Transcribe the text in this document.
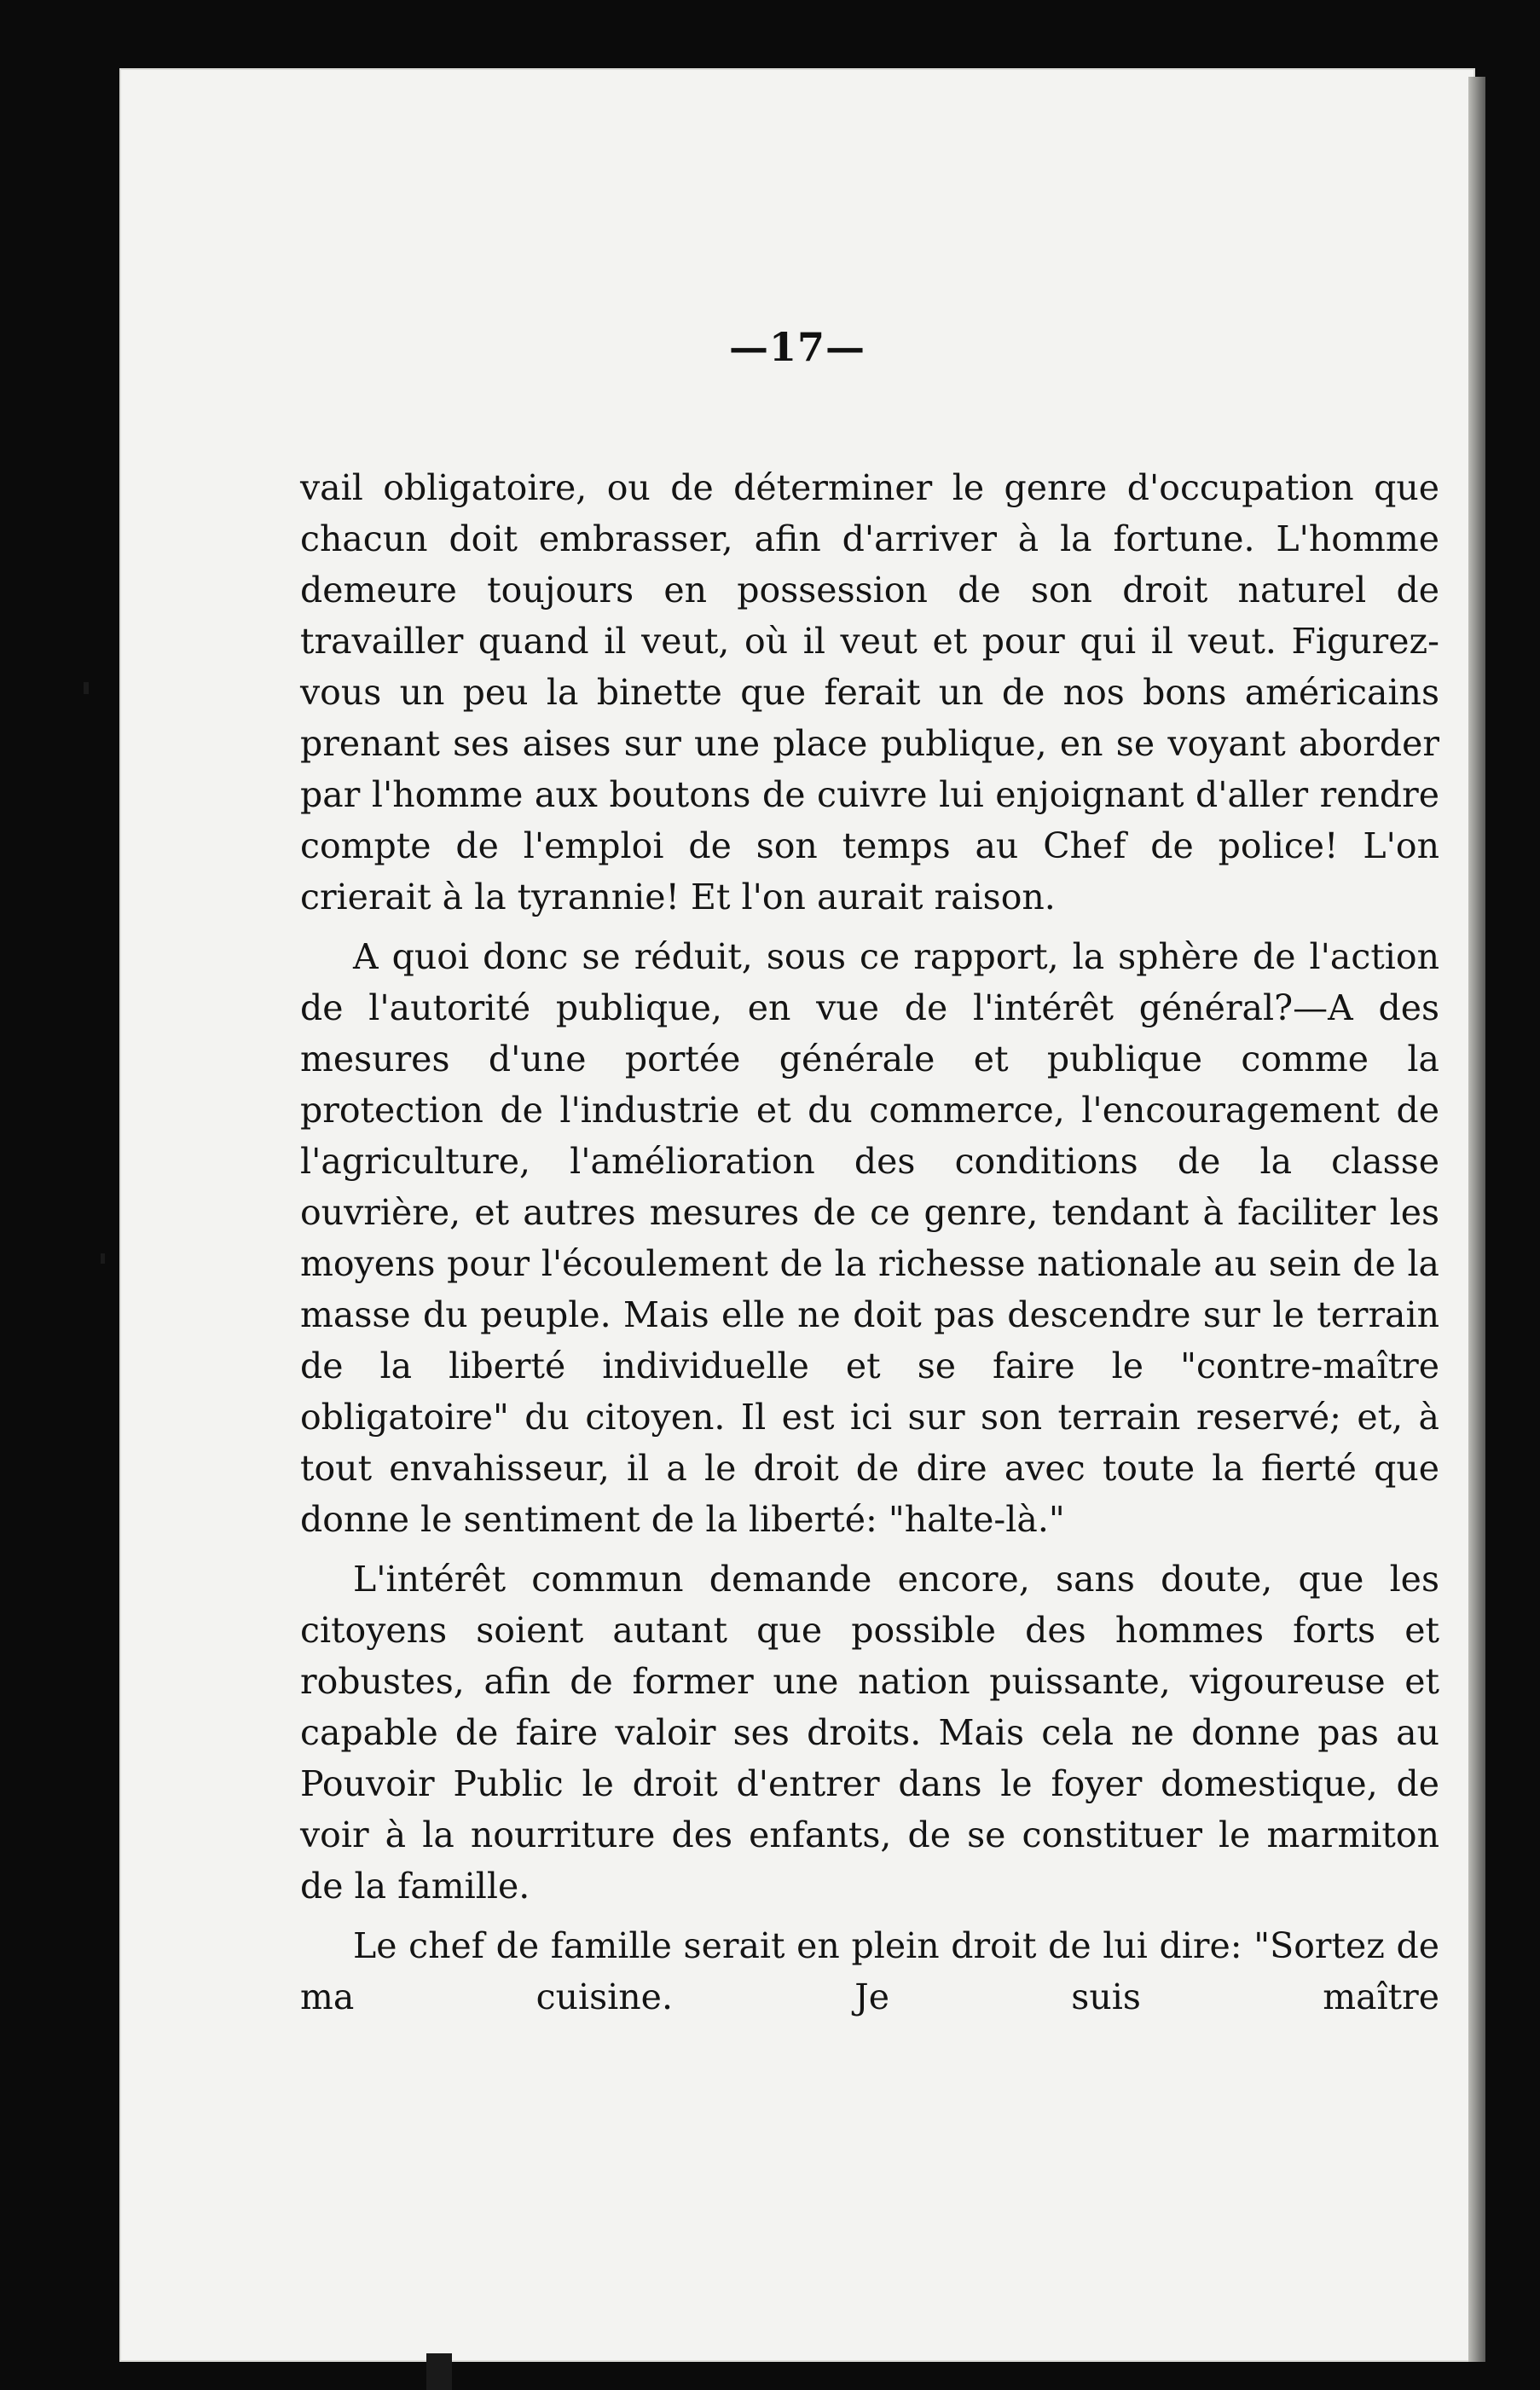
—17—

vail obligatoire, ou de déterminer le genre d'occupation que chacun doit embrasser, afin d'arriver à la fortune. L'homme demeure toujours en possession de son droit naturel de travailler quand il veut, où il veut et pour qui il veut. Figurez-vous un peu la binette que ferait un de nos bons américains prenant ses aises sur une place publique, en se voyant aborder par l'homme aux boutons de cuivre lui enjoignant d'aller rendre compte de l'emploi de son temps au Chef de police! L'on crierait à la tyrannie! Et l'on aurait raison.

A quoi donc se réduit, sous ce rapport, la sphère de l'action de l'autorité publique, en vue de l'intérêt général?—A des mesures d'une portée générale et publique comme la protection de l'industrie et du commerce, l'encouragement de l'agriculture, l'amélioration des conditions de la classe ouvrière, et autres mesures de ce genre, tendant à faciliter les moyens pour l'écoulement de la richesse nationale au sein de la masse du peuple. Mais elle ne doit pas descendre sur le terrain de la liberté individuelle et se faire le "contre-maître obligatoire" du citoyen. Il est ici sur son terrain reservé; et, à tout envahisseur, il a le droit de dire avec toute la fierté que donne le sentiment de la liberté: "halte-là."

L'intérêt commun demande encore, sans doute, que les citoyens soient autant que possible des hommes forts et robustes, afin de former une nation puissante, vigoureuse et capable de faire valoir ses droits. Mais cela ne donne pas au Pouvoir Public le droit d'entrer dans le foyer domestique, de voir à la nourriture des enfants, de se constituer le marmiton de la famille.

Le chef de famille serait en plein droit de lui dire: "Sortez de ma cuisine. Je suis maître
